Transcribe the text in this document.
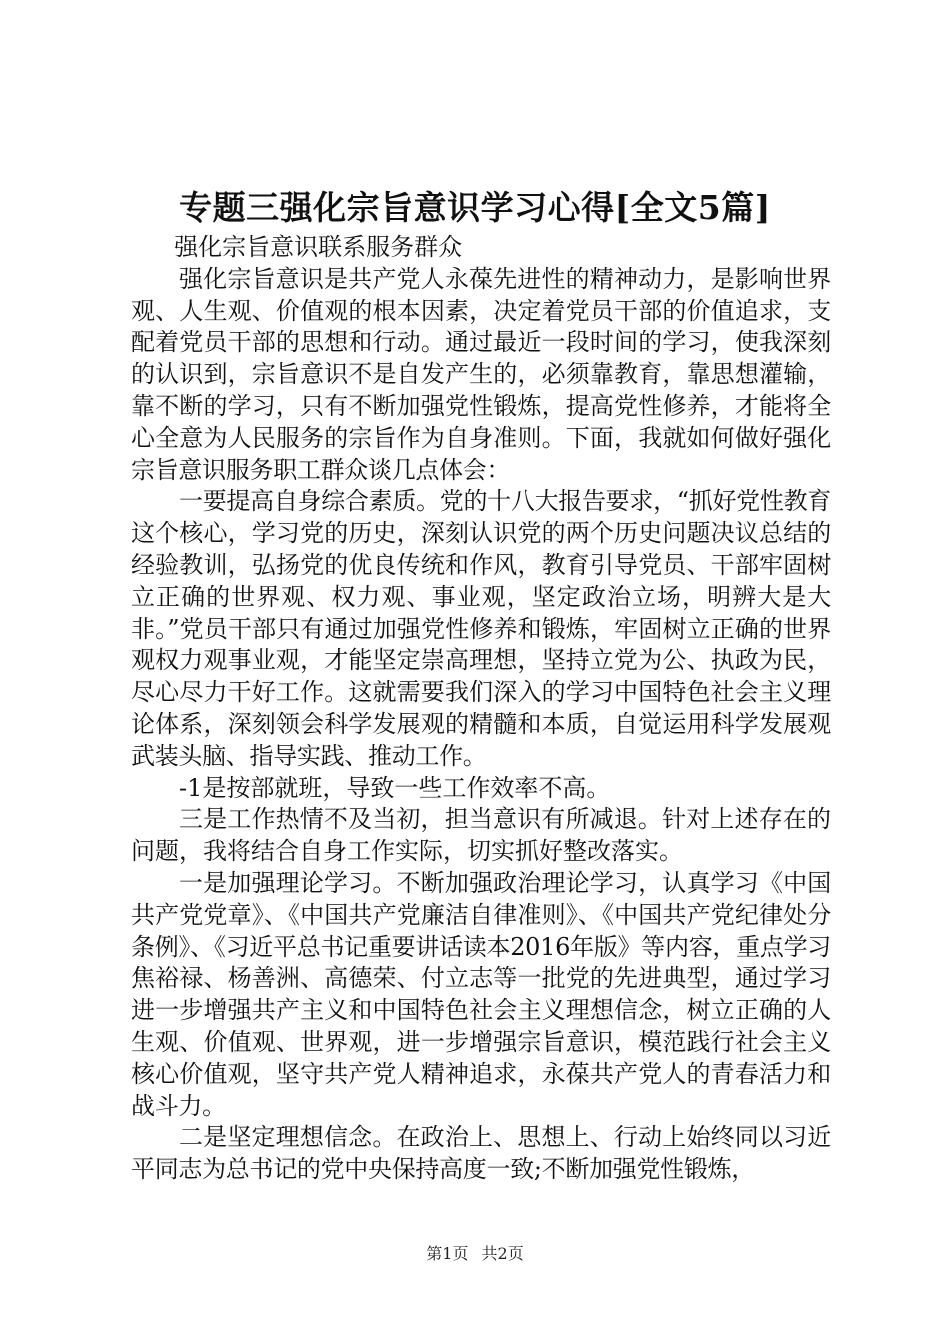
专题三强化宗旨意识学习心得[全文5篇]

强化宗旨意识联系服务群众

强化宗旨意识是共产党人永葆先进性的精神动力，是影响世界观、人生观、价值观的根本因素，决定着党员干部的价值追求，支配着党员干部的思想和行动。通过最近一段时间的学习，使我深刻的认识到，宗旨意识不是自发产生的，必须靠教育，靠思想灌输，靠不断的学习，只有不断加强党性锻炼，提高党性修养，才能将全心全意为人民服务的宗旨作为自身准则。下面，我就如何做好强化宗旨意识服务职工群众谈几点体会：

一要提高自身综合素质。党的十八大报告要求，“抓好党性教育这个核心，学习党的历史，深刻认识党的两个历史问题决议总结的经验教训，弘扬党的优良传统和作风，教育引导党员、干部牢固树立正确的世界观、权力观、事业观，坚定政治立场，明辨大是大非。”党员干部只有通过加强党性修养和锻炼，牢固树立正确的世界观权力观事业观，才能坚定崇高理想，坚持立党为公、执政为民，尽心尽力干好工作。这就需要我们深入的学习中国特色社会主义理论体系，深刻领会科学发展观的精髓和本质，自觉运用科学发展观武装头脑、指导实践、推动工作。

-1是按部就班，导致一些工作效率不高。

三是工作热情不及当初，担当意识有所减退。针对上述存在的问题，我将结合自身工作实际，切实抓好整改落实。

一是加强理论学习。不断加强政治理论学习，认真学习《中国共产党党章》、《中国共产党廉洁自律准则》、《中国共产党纪律处分条例》、《习近平总书记重要讲话读本2016年版》等内容，重点学习焦裕禄、杨善洲、高德荣、付立志等一批党的先进典型，通过学习进一步增强共产主义和中国特色社会主义理想信念，树立正确的人生观、价值观、世界观，进一步增强宗旨意识，模范践行社会主义核心价值观，坚守共产党人精神追求，永葆共产党人的青春活力和战斗力。

二是坚定理想信念。在政治上、思想上、行动上始终同以习近平同志为总书记的党中央保持高度一致;不断加强党性锻炼，

第1页 共2页
